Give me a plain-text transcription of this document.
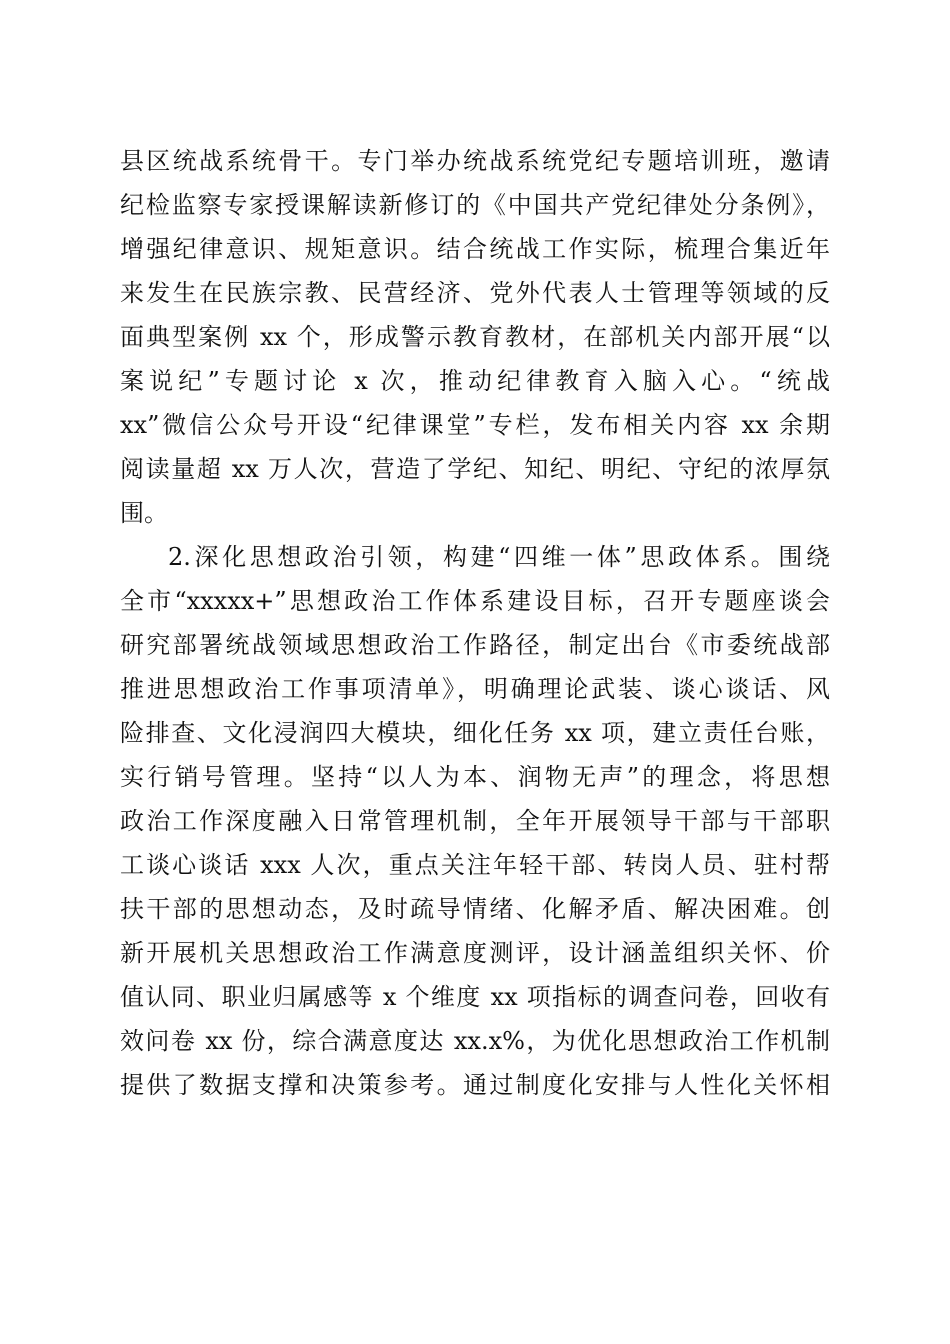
县区统战系统骨干。专门举办统战系统党纪专题培训班，邀请
纪检监察专家授课解读新修订的《中国共产党纪律处分条例》，
增强纪律意识、规矩意识。结合统战工作实际，梳理合集近年
来发生在民族宗教、民营经济、党外代表人士管理等领域的反
面典型案例 xx 个，形成警示教育教材，在部机关内部开展“以
案说纪”专题讨论 x 次，推动纪律教育入脑入心。“统战
xx”微信公众号开设“纪律课堂”专栏，发布相关内容 xx 余期
阅读量超 xx 万人次，营造了学纪、知纪、明纪、守纪的浓厚氛
围。
2.深化思想政治引领，构建“四维一体”思政体系。围绕
全市“xxxxx+”思想政治工作体系建设目标，召开专题座谈会
研究部署统战领域思想政治工作路径，制定出台《市委统战部
推进思想政治工作事项清单》，明确理论武装、谈心谈话、风
险排查、文化浸润四大模块，细化任务 xx 项，建立责任台账，
实行销号管理。坚持“以人为本、润物无声”的理念，将思想
政治工作深度融入日常管理机制，全年开展领导干部与干部职
工谈心谈话 xxx 人次，重点关注年轻干部、转岗人员、驻村帮
扶干部的思想动态，及时疏导情绪、化解矛盾、解决困难。创
新开展机关思想政治工作满意度测评，设计涵盖组织关怀、价
值认同、职业归属感等 x 个维度 xx 项指标的调查问卷，回收有
效问卷 xx 份，综合满意度达 xx.x%，为优化思想政治工作机制
提供了数据支撑和决策参考。通过制度化安排与人性化关怀相
